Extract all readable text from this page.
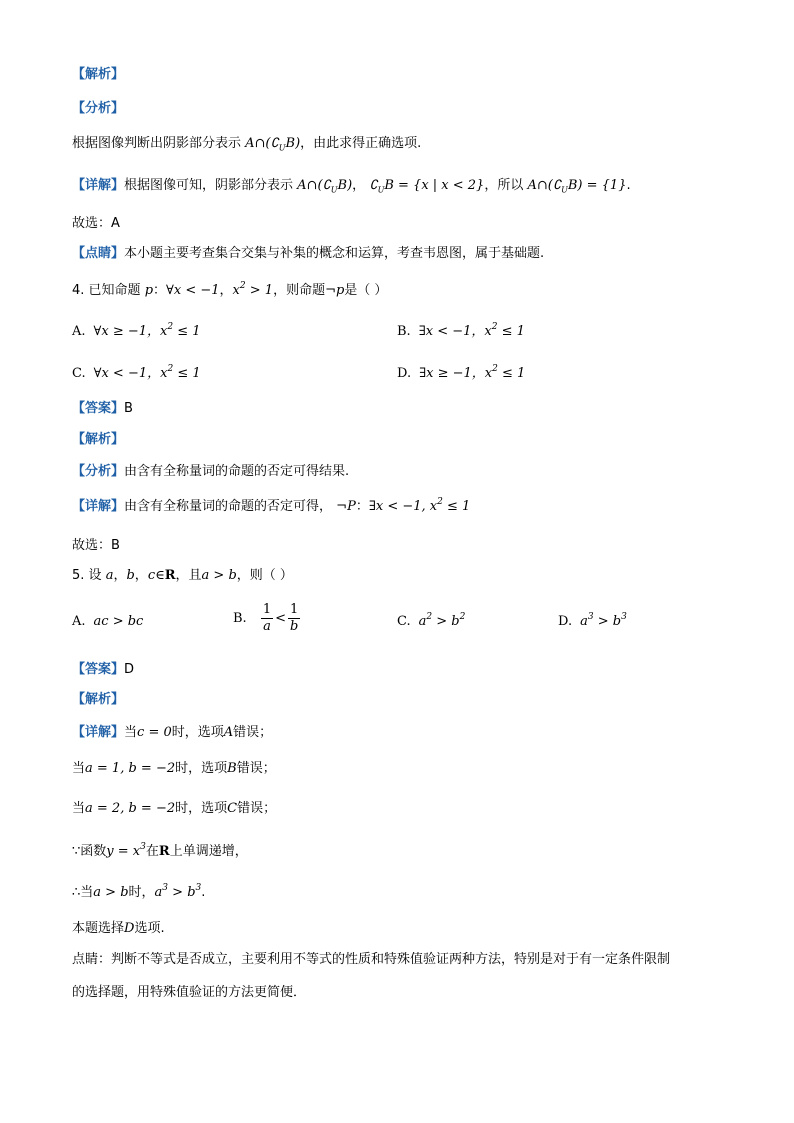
【解析】
【分析】
根据图像判断出阴影部分表示 $A\cap(∁_UB)$，由此求得正确选项.
【详解】根据图像可知，阴影部分表示 $A\cap(∁_UB)$， $∁_UB = \{x$ | x < 2}，所以 $A\cap(∁_UB) = \{1\}$.
故选：A
【点睛】本小题主要考查集合交集与补集的概念和运算，考查韦恩图，属于基础题.
4. 已知命题 p：∀x < −1，$x^2 > 1$，则命题¬p是（ ）
A. ∀x ≥ −1，$x^2 \le 1$	B. ∃x < −1，$x^2 \le 1$
C. ∀x < −1，$x^2 \le 1$	D. ∃x ≥ −1，$x^2 \le 1$
【答案】B
【解析】
【分析】由含有全称量词的命题的否定可得结果.
【详解】由含有全称量词的命题的否定可得， ¬P：∃x < −1, $x^2 \le 1$
故选：B
5. 设 a，b，c∈R，且a > b，则（ ）
A. ac > bc	B. $\frac{1}{a} < \frac{1}{b}$	C. $a^2 > b^2$	D. $a^3 > b^3$
【答案】D
【解析】
【详解】当c = 0时，选项A错误；
当a = 1, b = −2时，选项B错误；
当a = 2, b = −2时，选项C错误；
∵函数$y = x^3$在R上单调递增，
∴当a > b时，$a^3 > b^3$.
本题选择D选项.
点睛：判断不等式是否成立，主要利用不等式的性质和特殊值验证两种方法，特别是对于有一定条件限制
的选择题，用特殊值验证的方法更简便．
